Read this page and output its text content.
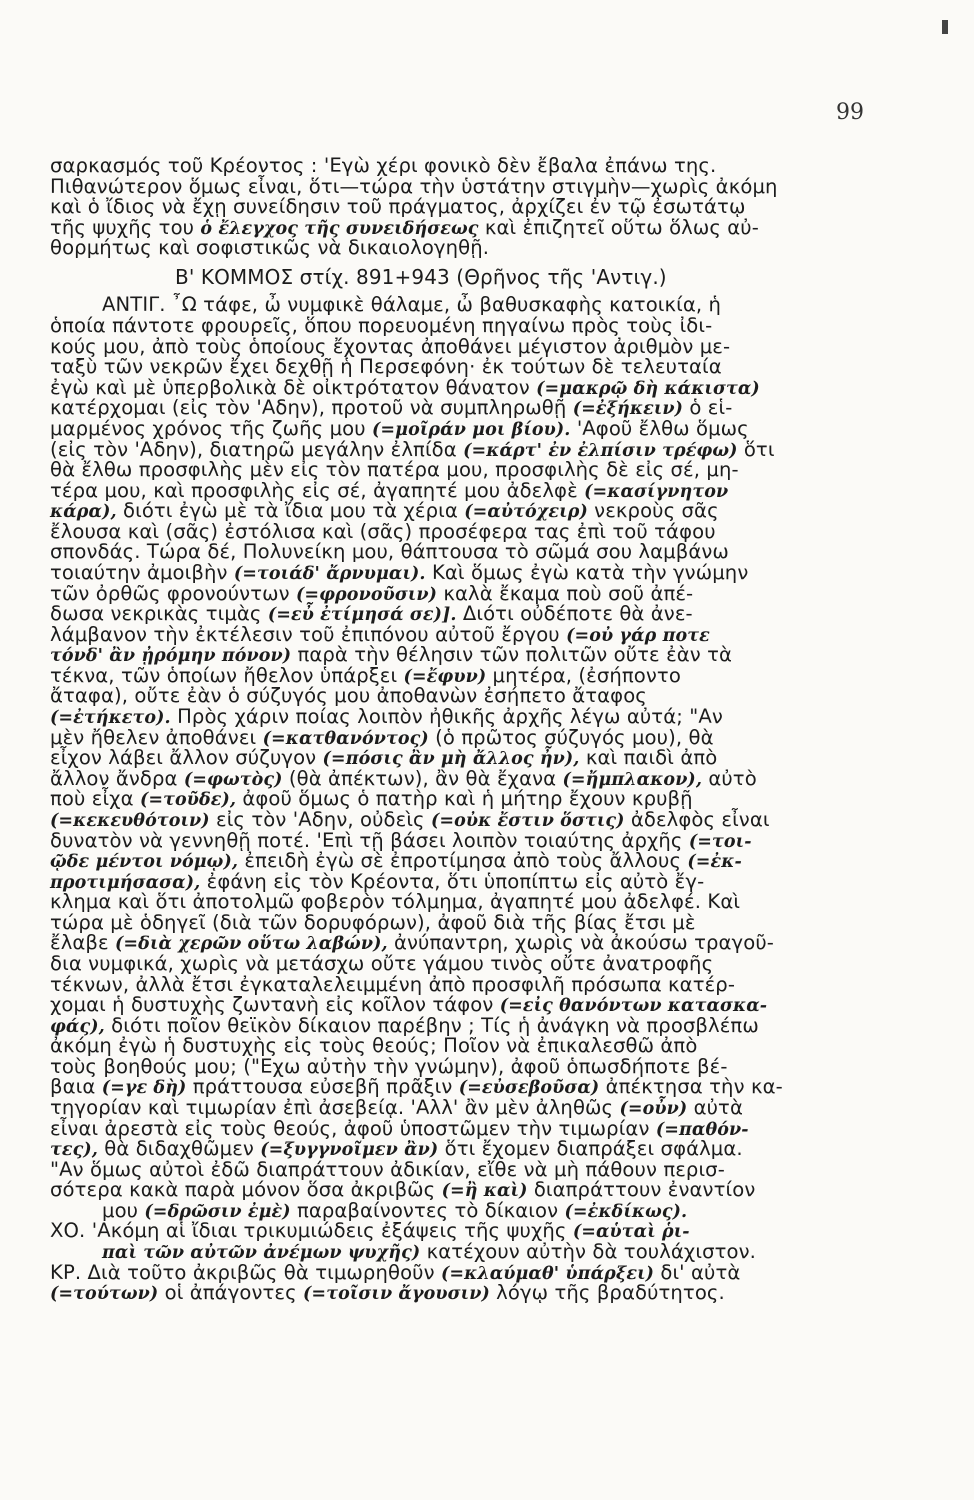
99
σαρκασμός τοῦ Κρέοντος : 'Εγὼ χέρι φονικὸ δὲν ἔβαλα ἐπάνω της.
Πιθανώτερον ὅμως εἶναι, ὅτι—τώρα τὴν ὑστάτην στιγμὴν—χωρὶς ἀκόμη
καὶ ὁ ἴδιος νὰ ἔχῃ συνείδησιν τοῦ πράγματος, ἀρχίζει ἐν τῷ ἐσωτάτῳ
τῆς ψυχῆς του ὁ ἔλεγχος τῆς συνειδήσεως καὶ ἐπιζητεῖ οὕτω ὅλως αὐ-
θορμήτως καὶ σοφιστικῶς νὰ δικαιολογηθῇ.
Β' ΚΟΜΜΟΣ στίχ. 891+943 (Θρῆνος τῆς 'Αντιγ.)
ΑΝΤΙΓ. ῏Ω τάφε, ὦ νυμφικὲ θάλαμε, ὦ βαθυσκαφὴς κατοικία, ἡ
ὁποία πάντοτε φρουρεῖς, ὅπου πορευομένη πηγαίνω πρὸς τοὺς ἰδι-
κούς μου, ἀπὸ τοὺς ὁποίους ἔχοντας ἀποθάνει μέγιστον ἀριθμὸν με-
ταξὺ τῶν νεκρῶν ἔχει δεχθῇ ἡ Περσεφόνη· ἐκ τούτων δὲ τελευταία
ἐγὼ καὶ μὲ ὑπερβολικὰ δὲ οἰκτρότατον θάνατον (=μακρῷ δὴ κάκιστα)
κατέρχομαι (εἰς τὸν 'Αδην), προτοῦ νὰ συμπληρωθῇ (=ἐξήκειν) ὁ εἱ-
μαρμένος χρόνος τῆς ζωῆς μου (=μοῖράν μοι βίου). 'Αφοῦ ἔλθω ὅμως
(εἰς τὸν 'Αδην), διατηρῶ μεγάλην ἐλπίδα (=κάρτ' ἐν ἐλπίσιν τρέφω) ὅτι
θὰ ἔλθω προσφιλὴς μὲν εἰς τὸν πατέρα μου, προσφιλὴς δὲ εἰς σέ, μη-
τέρα μου, καὶ προσφιλὴς εἰς σέ, ἀγαπητέ μου ἀδελφὲ (=κασίγνητον
κάρα), διότι ἐγὼ μὲ τὰ ἴδια μου τὰ χέρια (=αὐτόχειρ) νεκροὺς σᾶς
ἔλουσα καὶ (σᾶς) ἐστόλισα καὶ (σᾶς) προσέφερα τας ἐπὶ τοῦ τάφου
σπονδάς. Τώρα δέ, Πολυνείκη μου, θάπτουσα τὸ σῶμά σου λαμβάνω
τοιαύτην ἀμοιβὴν (=τοιάδ' ἄρνυμαι). Καὶ ὅμως ἐγὼ κατὰ τὴν γνώμην
τῶν ὀρθῶς φρονούντων (=φρονοῦσιν) καλὰ ἔκαμα ποὺ σοῦ ἀπέ-
δωσα νεκρικὰς τιμὰς (=εὖ ἐτίμησά σε)]. Διότι οὐδέποτε θὰ ἀνε-
λάμβανον τὴν ἐκτέλεσιν τοῦ ἐπιπόνου αὐτοῦ ἔργου (=οὐ γάρ ποτε
τόνδ' ἂν ᾐρόμην πόνον) παρὰ τὴν θέλησιν τῶν πολιτῶν οὔτε ἐὰν τὰ
τέκνα, τῶν ὁποίων ἤθελον ὑπάρξει (=ἔφυν) μητέρα, (ἐσήποντο
ἄταφα), οὔτε ἐὰν ὁ σύζυγός μου ἀποθανὼν ἐσήπετο ἄταφος
(=ἐτήκετο). Πρὸς χάριν ποίας λοιπὸν ἠθικῆς ἀρχῆς λέγω αὐτά; "Αν
μὲν ἤθελεν ἀποθάνει (=κατθανόντος) (ὁ πρῶτος σύζυγός μου), θὰ
εἶχον λάβει ἄλλον σύζυγον (=πόσις ἂν μὴ ἄλλος ἦν), καὶ παιδὶ ἀπὸ
ἄλλον ἄνδρα (=φωτὸς) (θὰ ἀπέκτων), ἂν θὰ ἔχανα (=ἤμπλακον), αὐτὸ
ποὺ εἶχα (=τοῦδε), ἀφοῦ ὅμως ὁ πατὴρ καὶ ἡ μήτηρ ἔχουν κρυβῇ
(=κεκευθότοιν) εἰς τὸν 'Αδην, οὐδεὶς (=οὐκ ἔστιν ὅστις) ἀδελφὸς εἶναι
δυνατὸν νὰ γεννηθῇ ποτέ. 'Επὶ τῇ βάσει λοιπὸν τοιαύτης ἀρχῆς (=τοι-
ῷδε μέντοι νόμῳ), ἐπειδὴ ἐγὼ σὲ ἐπροτίμησα ἀπὸ τοὺς ἄλλους (=ἐκ-
προτιμήσασα), ἐφάνη εἰς τὸν Κρέοντα, ὅτι ὑποπίπτω εἰς αὐτὸ ἔγ-
κλημα καὶ ὅτι ἀποτολμῶ φοβερὸν τόλμημα, ἀγαπητέ μου ἀδελφέ. Καὶ
τώρα μὲ ὁδηγεῖ (διὰ τῶν δορυφόρων), ἀφοῦ διὰ τῆς βίας ἔτσι μὲ
ἔλαβε (=διὰ χερῶν οὕτω λαβών), ἀνύπαντρη, χωρὶς νὰ ἀκούσω τραγοῦ-
δια νυμφικά, χωρὶς νὰ μετάσχω οὔτε γάμου τινὸς οὔτε ἀνατροφῆς
τέκνων, ἀλλὰ ἔτσι ἐγκαταλελειμμένη ἀπὸ προσφιλῆ πρόσωπα κατέρ-
χομαι ἡ δυστυχὴς ζωντανὴ εἰς κοῖλον τάφον (=εἰς θανόντων κατασκα-
φάς), διότι ποῖον θεϊκὸν δίκαιον παρέβην ; Τίς ἡ ἀνάγκη νὰ προσβλέπω
ἀκόμη ἐγὼ ἡ δυστυχὴς εἰς τοὺς θεούς; Ποῖον νὰ ἐπικαλεσθῶ ἀπὸ
τοὺς βοηθούς μου; ("Εχω αὐτὴν τὴν γνώμην), ἀφοῦ ὁπωσδήποτε βέ-
βαια (=γε δὴ) πράττουσα εὐσεβῆ πρᾶξιν (=εὐσεβοῦσα) ἀπέκτησα τὴν κα-
τηγορίαν καὶ τιμωρίαν ἐπὶ ἀσεβείᾳ. 'Αλλ' ἂν μὲν ἀληθῶς (=οὖν) αὐτὰ
εἶναι ἀρεστὰ εἰς τοὺς θεούς, ἀφοῦ ὑποστῶμεν τὴν τιμωρίαν (=παθόν-
τες), θὰ διδαχθῶμεν (=ξυγγνοῖμεν ἂν) ὅτι ἔχομεν διαπράξει σφάλμα.
"Αν ὅμως αὐτοὶ ἐδῶ διαπράττουν ἀδικίαν, εἴθε νὰ μὴ πάθουν περισ-
σότερα κακὰ παρὰ μόνον ὅσα ἀκριβῶς (=ἢ καὶ) διαπράττουν ἐναντίον
μου (=δρῶσιν ἐμὲ) παραβαίνοντες τὸ δίκαιον (=ἐκδίκως).
ΧΟ. 'Ακόμη αἱ ἴδιαι τρικυμιώδεις ἐξάψεις τῆς ψυχῆς (=αὑταὶ ῥι-
παὶ τῶν αὐτῶν ἀνέμων ψυχῆς) κατέχουν αὐτὴν δὰ τουλάχιστον.
ΚΡ. Διὰ τοῦτο ἀκριβῶς θὰ τιμωρηθοῦν (=κλαύμαθ' ὑπάρξει) δι' αὐτὰ
(=τούτων) οἱ ἀπάγοντες (=τοῖσιν ἄγουσιν) λόγῳ τῆς βραδύτητος.
